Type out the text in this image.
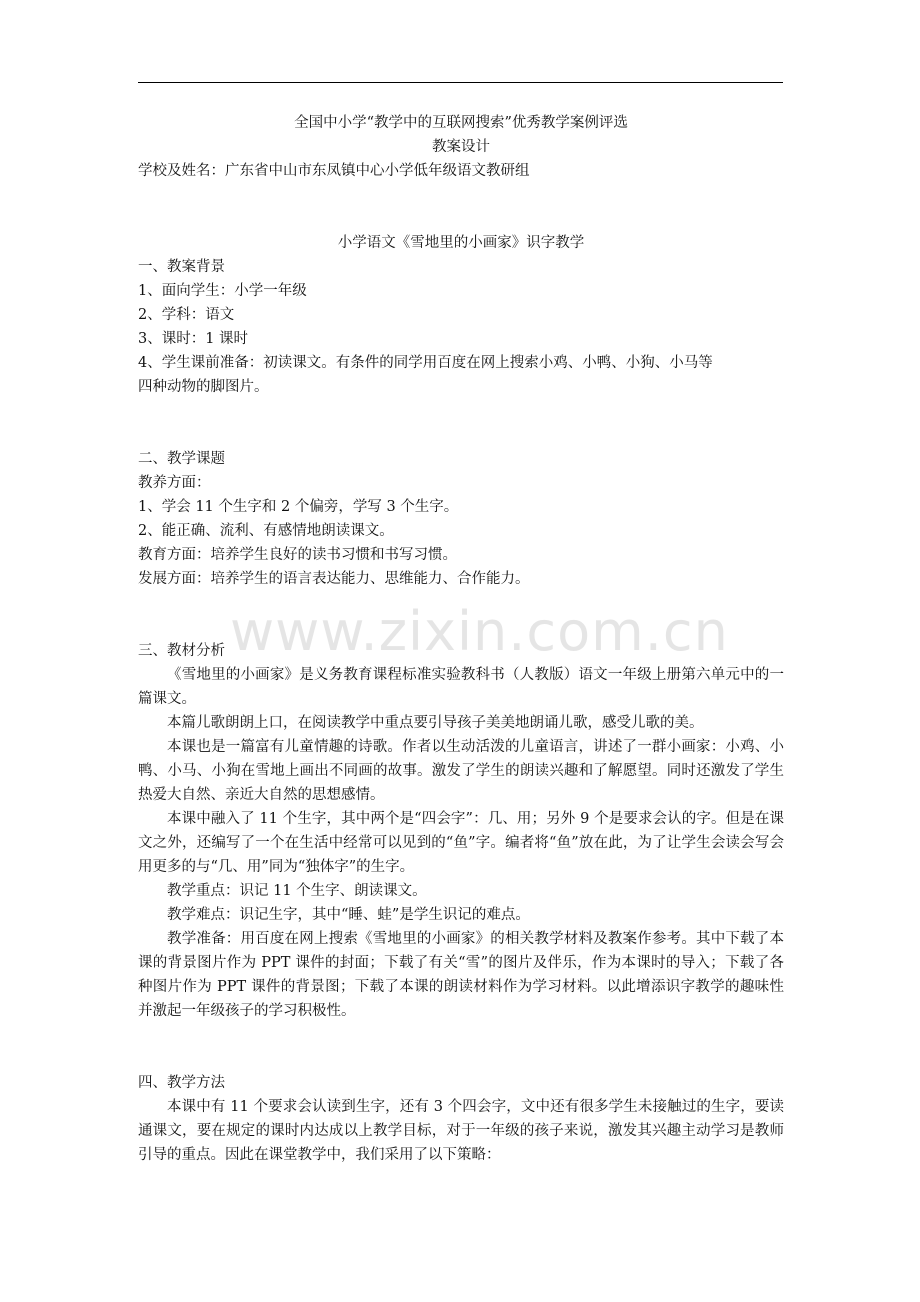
www.zixin.com.cn
全国中小学“教学中的互联网搜索”优秀教学案例评选
教案设计
学校及姓名：广东省中山市东凤镇中心小学低年级语文教研组
小学语文《雪地里的小画家》识字教学
一、教案背景
1、面向学生：小学一年级
2、学科：语文
3、课时：1 课时
4、学生课前准备：初读课文。有条件的同学用百度在网上搜索小鸡、小鸭、小狗、小马等
四种动物的脚图片。
二、教学课题
教养方面：
1、学会 11 个生字和 2 个偏旁，学写 3 个生字。
2、能正确、流利、有感情地朗读课文。
教育方面：培养学生良好的读书习惯和书写习惯。
发展方面：培养学生的语言表达能力、思维能力、合作能力。
三、教材分析
《雪地里的小画家》是义务教育课程标准实验教科书（人教版）语文一年级上册第六单元中的一篇课文。
本篇儿歌朗朗上口，在阅读教学中重点要引导孩子美美地朗诵儿歌，感受儿歌的美。
本课也是一篇富有儿童情趣的诗歌。作者以生动活泼的儿童语言，讲述了一群小画家：小鸡、小鸭、小马、小狗在雪地上画出不同画的故事。激发了学生的朗读兴趣和了解愿望。同时还激发了学生热爱大自然、亲近大自然的思想感情。
本课中融入了 11 个生字，其中两个是“四会字”：几、用；另外 9 个是要求会认的字。但是在课文之外，还编写了一个在生活中经常可以见到的“鱼”字。编者将“鱼”放在此，为了让学生会读会写会用更多的与“几、用”同为“独体字”的生字。
教学重点：识记 11 个生字、朗读课文。
教学难点：识记生字，其中“睡、蛙”是学生识记的难点。
教学准备：用百度在网上搜索《雪地里的小画家》的相关教学材料及教案作参考。其中下载了本课的背景图片作为 PPT 课件的封面；下载了有关“雪”的图片及伴乐，作为本课时的导入；下载了各种图片作为 PPT 课件的背景图；下载了本课的朗读材料作为学习材料。以此增添识字教学的趣味性并激起一年级孩子的学习积极性。
四、教学方法
本课中有 11 个要求会认读到生字，还有 3 个四会字，文中还有很多学生未接触过的生字，要读通课文，要在规定的课时内达成以上教学目标，对于一年级的孩子来说，激发其兴趣主动学习是教师引导的重点。因此在课堂教学中，我们采用了以下策略：
